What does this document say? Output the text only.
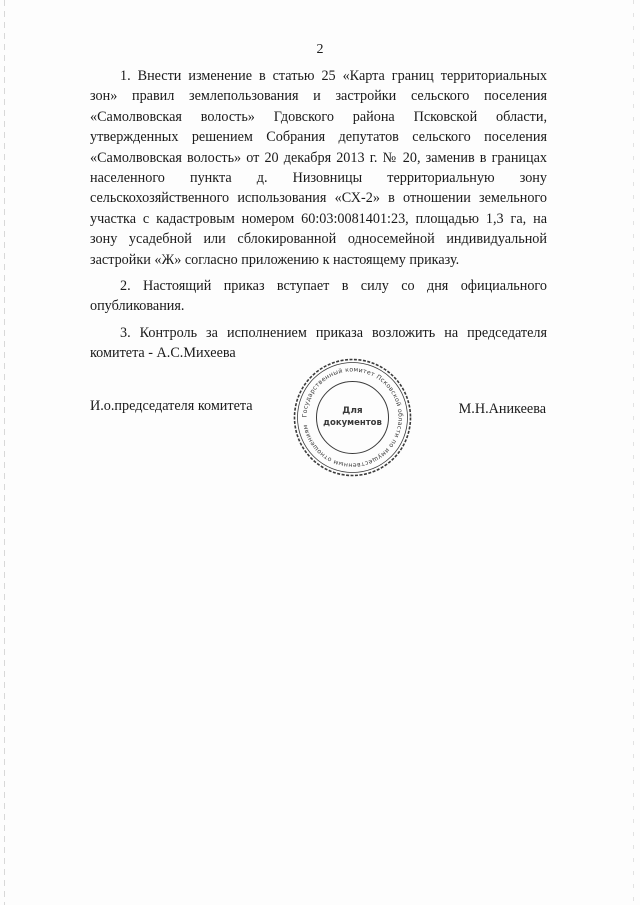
2

1. Внести изменение в статью 25 «Карта границ территориальных зон» правил землепользования и застройки сельского поселения «Самолвовская волость» Гдовского района Псковской области, утвержденных решением Собрания депутатов сельского поселения «Самолвовская волость» от 20 декабря 2013 г. № 20, заменив в границах населенного пункта д. Низовницы территориальную зону сельскохозяйственного использования «СХ-2» в отношении земельного участка с кадастровым номером 60:03:0081401:23, площадью 1,3 га, на зону усадебной или сблокированной односемейной индивидуальной застройки «Ж» согласно приложению к настоящему приказу.

2. Настоящий приказ вступает в силу со дня официального опубликования.

3. Контроль за исполнением приказа возложить на председателя комитета - А.С.Михеева

И.о.председателя комитета
Государственный комитет Псковской области по имущественным отношениям
Для
документов
М.Н.Аникеева
